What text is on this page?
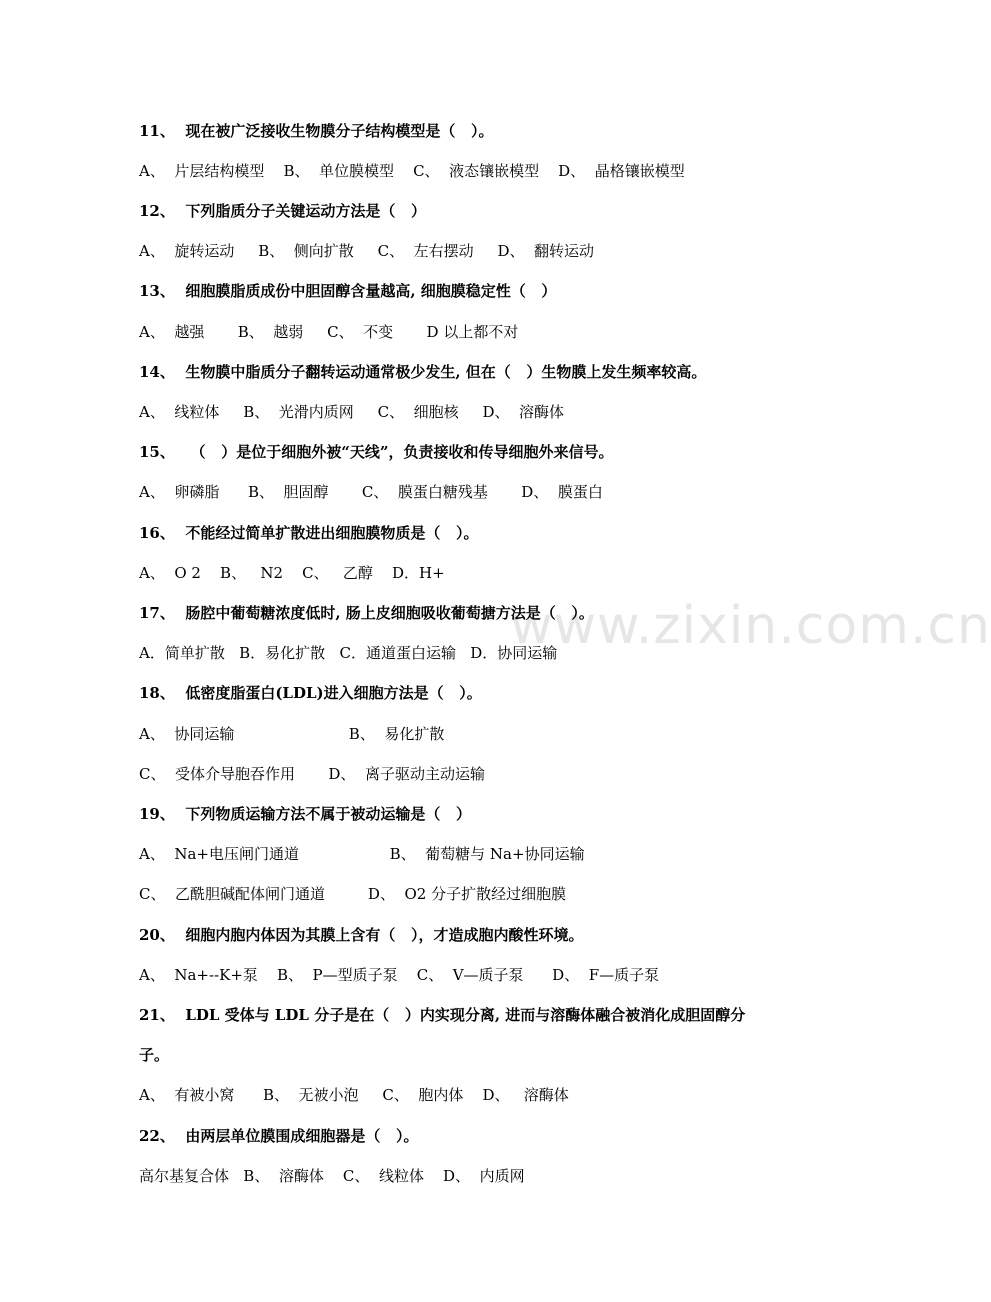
www.zixin.com.cn
11、  现在被广泛接收生物膜分子结构模型是（   ）。
A、  片层结构模型    B、  单位膜模型    C、  液态镶嵌模型    D、  晶格镶嵌模型
12、  下列脂质分子关键运动方法是（   ）
A、  旋转运动     B、  侧向扩散     C、  左右摆动     D、  翻转运动
13、  细胞膜脂质成份中胆固醇含量越高, 细胞膜稳定性（   ）
A、  越强       B、  越弱     C、  不变       D 以上都不对
14、  生物膜中脂质分子翻转运动通常极少发生, 但在（   ）生物膜上发生频率较高。
A、  线粒体     B、  光滑内质网     C、  细胞核     D、  溶酶体
15、   （   ）是位于细胞外被“天线”，负责接收和传导细胞外来信号。
A、  卵磷脂      B、  胆固醇       C、  膜蛋白糖残基       D、  膜蛋白
16、  不能经过简单扩散进出细胞膜物质是（   ）。
A、  O 2    B、   N2    C、   乙醇    D．H+
17、  肠腔中葡萄糖浓度低时, 肠上皮细胞吸收葡萄搪方法是（   ）。
A．简单扩散   B．易化扩散   C．通道蛋白运输   D．协同运输
18、  低密度脂蛋白(LDL)进入细胞方法是（   ）。
A、  协同运输                        B、  易化扩散
C、  受体介导胞吞作用       D、  离子驱动主动运输
19、  下列物质运输方法不属于被动运输是（   ）
A、  Na+电压闸门通道                   B、  葡萄糖与 Na+协同运输
C、  乙酰胆碱配体闸门通道         D、  O2 分子扩散经过细胞膜
20、  细胞内胞内体因为其膜上含有（   ），才造成胞内酸性环境。
A、  Na+--K+泵    B、  P—型质子泵    C、  V—质子泵      D、  F—质子泵
21、  LDL 受体与 LDL 分子是在（   ）内实现分离, 进而与溶酶体融合被消化成胆固醇分
子。
A、  有被小窝      B、  无被小泡     C、  胞内体    D、   溶酶体
22、  由两层单位膜围成细胞器是（   ）。
高尔基复合体   B、  溶酶体    C、  线粒体    D、  内质网
